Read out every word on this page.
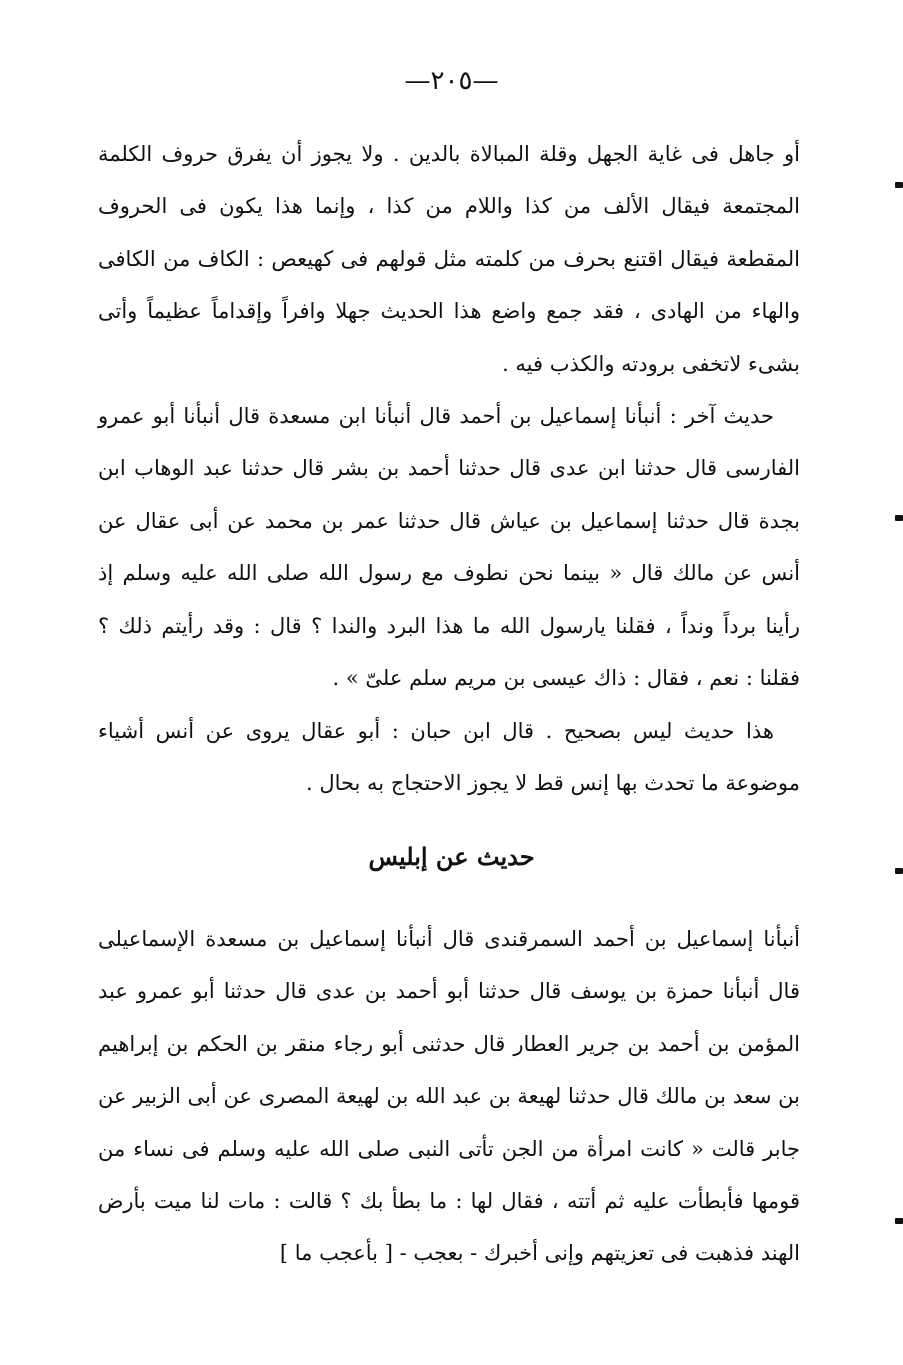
—٢٠٥—

أو جاهل فى غاية الجهل وقلة المبالاة بالدين . ولا يجوز أن يفرق حروف الكلمة المجتمعة فيقال الألف من كذا واللام من كذا ، وإنما هذا يكون فى الحروف المقطعة فيقال اقتنع بحرف من كلمته مثل قولهم فى كهيعص : الكاف من الكافى والهاء من الهادى ، فقد جمع واضع هذا الحديث جهلا وافراً وإقداماً عظيماً وأتى بشىء لاتخفى برودته والكذب فيه .

حديث آخر : أنبأنا إسماعيل بن أحمد قال أنبأنا ابن مسعدة قال أنبأنا أبو عمرو الفارسى قال حدثنا ابن عدى قال حدثنا أحمد بن بشر قال حدثنا عبد الوهاب ابن بجدة قال حدثنا إسماعيل بن عياش قال حدثنا عمر بن محمد عن أبى عقال عن أنس عن مالك قال « بينما نحن نطوف مع رسول الله صلى الله عليه وسلم إذ رأينا برداً ونداً ، فقلنا يارسول الله ما هذا البرد والندا ؟ قال : وقد رأيتم ذلك ؟ فقلنا : نعم ، فقال : ذاك عيسى بن مريم سلم علىّ » .

هذا حديث ليس بصحيح . قال ابن حبان : أبو عقال يروى عن أنس أشياء موضوعة ما تحدث بها إنس قط لا يجوز الاحتجاج به بحال .

حديث عن إبليس

أنبأنا إسماعيل بن أحمد السمرقندى قال أنبأنا إسماعيل بن مسعدة الإسماعيلى قال أنبأنا حمزة بن يوسف قال حدثنا أبو أحمد بن عدى قال حدثنا أبو عمرو عبد المؤمن بن أحمد بن جرير العطار قال حدثنى أبو رجاء منقر بن الحكم بن إبراهيم بن سعد بن مالك قال حدثنا لهيعة بن عبد الله بن لهيعة المصرى عن أبى الزبير عن جابر قالت « كانت امرأة من الجن تأتى النبى صلى الله عليه وسلم فى نساء من قومها فأبطأت عليه ثم أتته ، فقال لها : ما بطأ بك ؟ قالت : مات لنا ميت بأرض الهند فذهبت فى تعزيتهم وإنى أخبرك - بعجب - [ بأعجب ما ]
